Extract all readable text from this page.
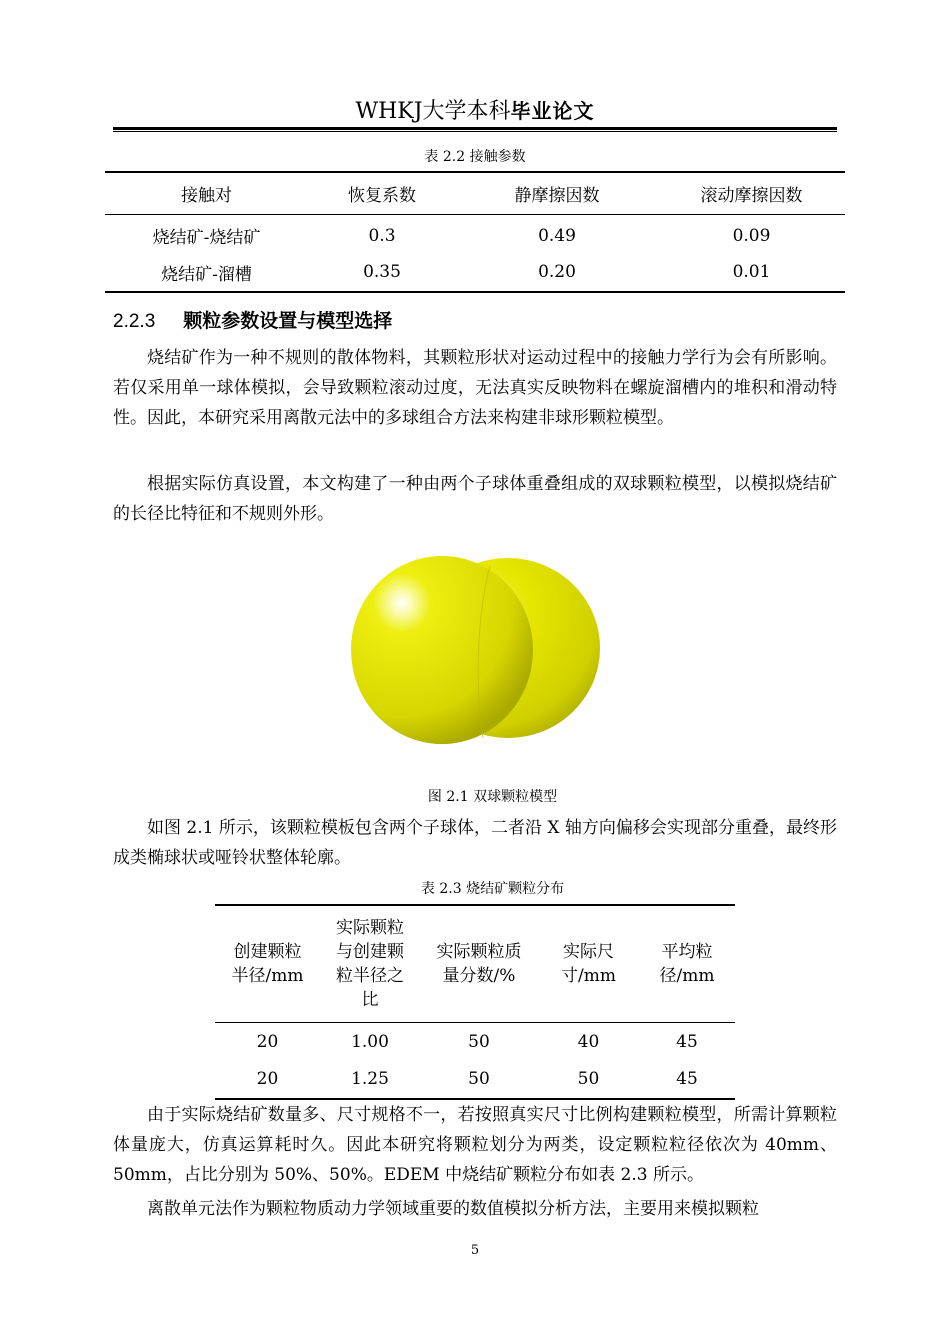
WHKJ大学本科毕业论文
表 2.2 接触参数
接触对	恢复系数	静摩擦因数	滚动摩擦因数
烧结矿-烧结矿	0.3	0.49	0.09
烧结矿-溜槽	0.35	0.20	0.01
2.2.3 颗粒参数设置与模型选择

烧结矿作为一种不规则的散体物料，其颗粒形状对运动过程中的接触力学行为会有所影响。若仅采用单一球体模拟，会导致颗粒滚动过度，无法真实反映物料在螺旋溜槽内的堆积和滑动特性。因此，本研究采用离散元法中的多球组合方法来构建非球形颗粒模型。

根据实际仿真设置，本文构建了一种由两个子球体重叠组成的双球颗粒模型，以模拟烧结矿的长径比特征和不规则外形。

图 2.1 双球颗粒模型

如图 2.1 所示，该颗粒模板包含两个子球体，二者沿 X 轴方向偏移会实现部分重叠，最终形成类椭球状或哑铃状整体轮廓。

表 2.3 烧结矿颗粒分布
创建颗粒半径/mm	实际颗粒与创建颗粒半径之比	实际颗粒质量分数/%	实际尺寸/mm	平均粒径/mm
20	1.00	50	40	45
20	1.25	50	50	45

由于实际烧结矿数量多、尺寸规格不一，若按照真实尺寸比例构建颗粒模型，所需计算颗粒体量庞大，仿真运算耗时久。因此本研究将颗粒划分为两类，设定颗粒粒径依次为 40mm、50mm，占比分别为 50%、50%。EDEM 中烧结矿颗粒分布如表 2.3 所示。

离散单元法作为颗粒物质动力学领域重要的数值模拟分析方法，主要用来模拟颗粒

5
